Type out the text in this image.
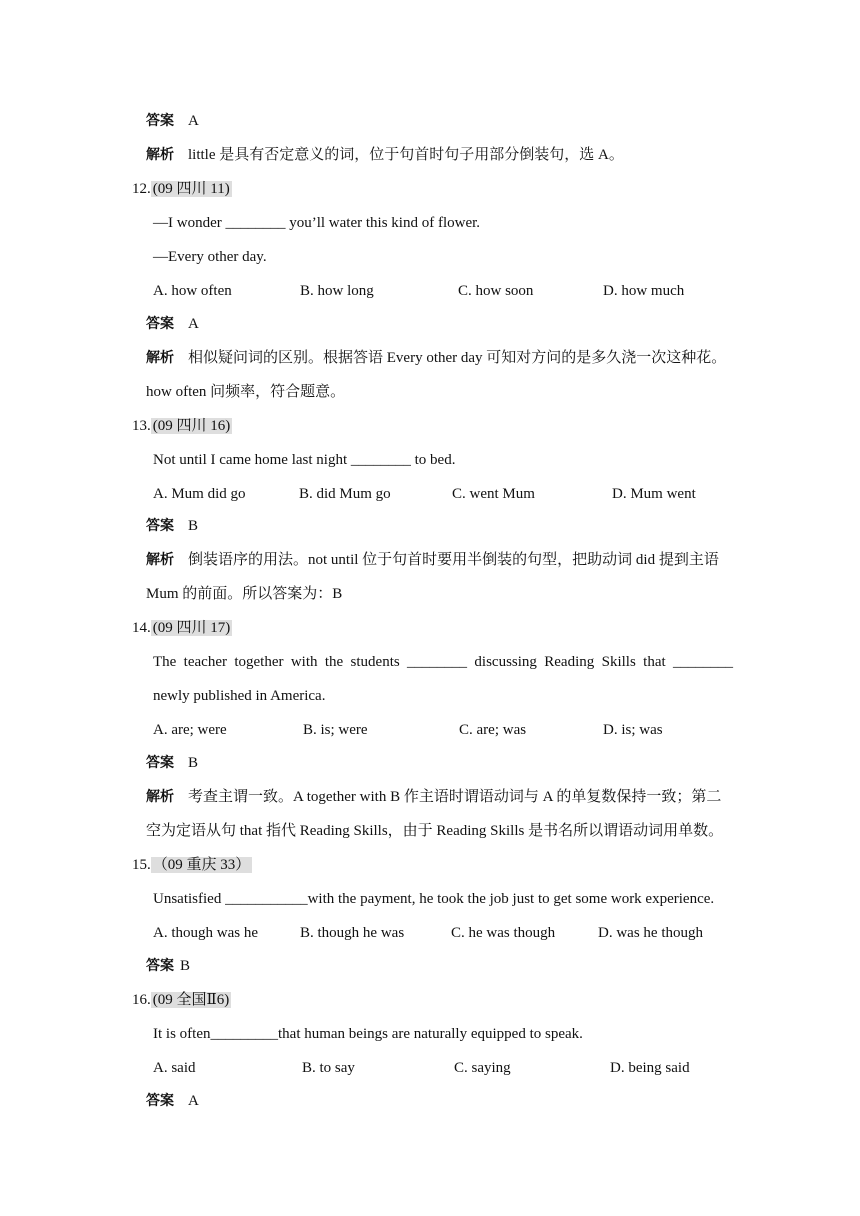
答案 A
解析 little 是具有否定意义的词，位于句首时句子用部分倒装句，选 A。
12. (09 四川 11)
—I wonder ________ you’ll water this kind of flower.
—Every other day.
A. how often	B. how long	C. how soon	D. how much
答案 A
解析 相似疑问词的区别。根据答语 Every other day 可知对方问的是多久浇一次这种花。
how often 问频率，符合题意。
13. (09 四川 16)
Not until I came home last night ________ to bed.
A. Mum did go	B. did Mum go	C. went Mum	D. Mum went
答案 B
解析 倒装语序的用法。not until 位于句首时要用半倒装的句型，把助动词 did 提到主语
Mum 的前面。所以答案为：B
14. (09 四川 17)
The teacher together with the students ________ discussing Reading Skills that ________
newly published in America.
A. are; were	B. is; were	C. are; was	D. is; was
答案 B
解析 考查主谓一致。A together with B 作主语时谓语动词与 A 的单复数保持一致；第二
空为定语从句 that 指代 Reading Skills，由于 Reading Skills 是书名所以谓语动词用单数。
15. （09 重庆 33）
Unsatisfied ___________with the payment, he took the job just to get some work experience.
A. though was he	B. though he was	C. he was though	D. was he though
答案 B
16. (09 全国Ⅱ6)
It is often_________that human beings are naturally equipped to speak.
A. said	B. to say	C. saying	D. being said
答案 A
